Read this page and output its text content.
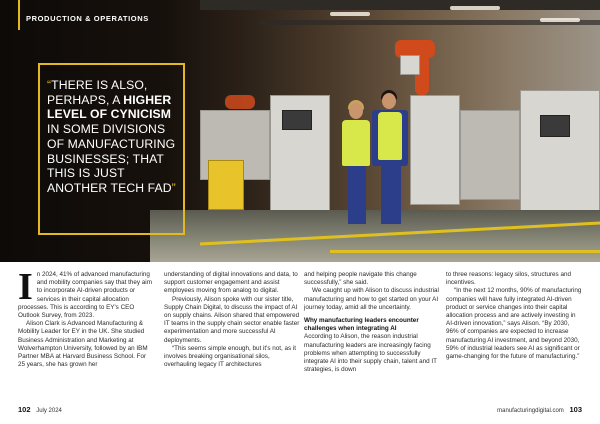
PRODUCTION & OPERATIONS
“THERE IS ALSO, PERHAPS, A HIGHER LEVEL OF CYNICISM IN SOME DIVISIONS OF MANUFACTURING BUSINESSES; THAT THIS IS JUST ANOTHER TECH FAD”
I n 2024, 41% of advanced manufacturing and mobility companies say that they aim to incorporate AI-driven products or services in their capital allocation processes. This is according to EY's CEO Outlook Survey, from 2023.

Alison Clark is Advanced Manufacturing & Mobility Leader for EY in the UK. She studied Business Administration and Marketing at Wolverhampton University, followed by an IBM Partner MBA at Harvard Business School. For 25 years, she has grown her

understanding of digital innovations and data, to support customer engagement and assist employees moving from analog to digital.

Previously, Alison spoke with our sister title, Supply Chain Digital, to discuss the impact of AI on supply chains. Alison shared that empowered IT teams in the supply chain sector enable faster experimentation and more successful AI deployments.

“This seems simple enough, but it's not, as it involves breaking organisational silos, overhauling legacy IT architectures

and helping people navigate this change successfully,” she said.

We caught up with Alison to discuss industrial manufacturing and how to get started on your AI journey today, amid all the uncertainty.

Why manufacturing leaders encounter challenges when integrating AI

According to Alison, the reason industrial manufacturing leaders are increasingly facing problems when attempting to successfully integrate AI into their supply chain, talent and IT strategies, is down

to three reasons: legacy silos, structures and incentives.

“In the next 12 months, 90% of manufacturing companies will have fully integrated AI-driven product or service changes into their capital allocation process and are actively investing in AI-driven innovation,” says Alison. “By 2030, 96% of companies are expected to increase manufacturing AI investment, and beyond 2030, 59% of industrial leaders see AI as significant or game-changing for the future of manufacturing.”

102 July 2024	manufacturingdigital.com 103
